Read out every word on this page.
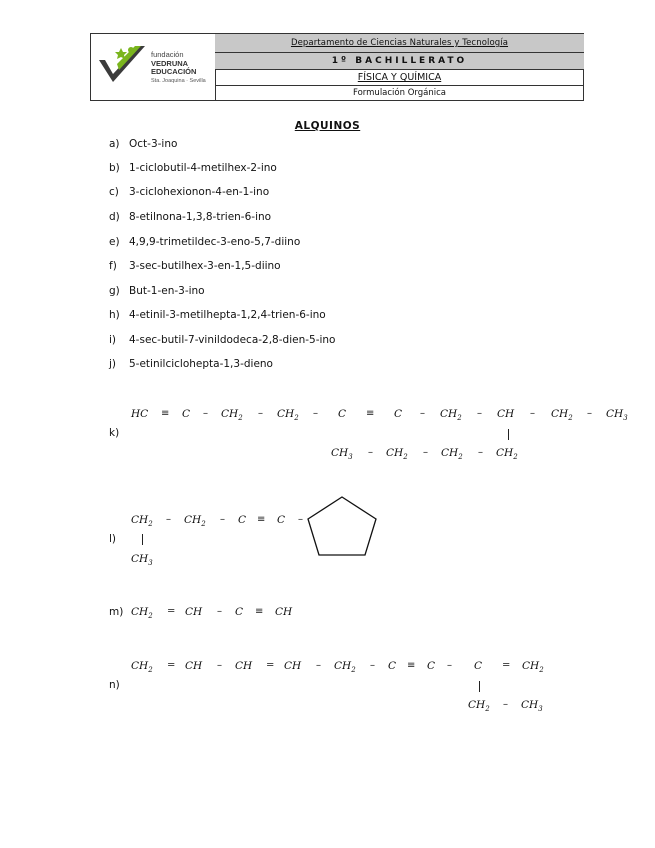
fundación
VEDRUNA
EDUCACIÓN
Sta. Joaquina · Sevilla
Departamento de Ciencias Naturales y Tecnología
1º BACHILLERATO
FÍSICA Y QUÍMICA
Formulación Orgánica
ALQUINOS
a) Oct-3-ino
b) 1-ciclobutil-4-metilhex-2-ino
c) 3-ciclohexionon-4-en-1-ino
d) 8-etilnona-1,3,8-trien-6-ino
e) 4,9,9-trimetildec-3-eno-5,7-diino
f) 3-sec-butilhex-3-en-1,5-diino
g) But-1-en-3-ino
h) 4-etinil-3-metilhepta-1,2,4-trien-6-ino
i) 4-sec-butil-7-vinildodeca-2,8-dien-5-ino
j) 5-etinilciclohepta-1,3-dieno
k)
HC ≡ $C - CH_2 - CH_2 - C \equiv C - CH_2$ – CH – $CH_2 - CH_3$
$CH_3 - CH_2 - CH_2 - CH_2$
l)
$CH_2 - CH_2 - C \equiv C$ –
$CH_3$
m) $CH_2$ = CH – C ≡ CH
n)
$CH_2$ = CH – CH = CH – $CH_2 - C \equiv C - C = CH_2$
$CH_2 - CH_3$
